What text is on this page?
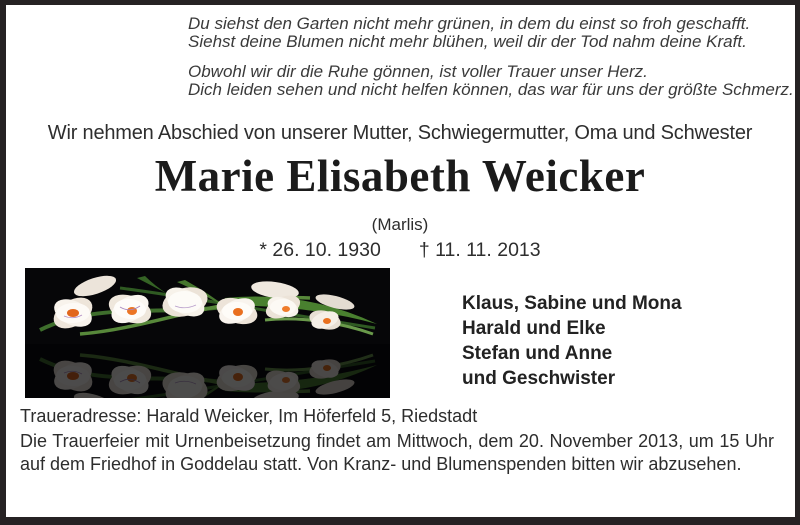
Du siehst den Garten nicht mehr grünen, in dem du einst so froh geschafft.
Siehst deine Blumen nicht mehr blühen, weil dir der Tod nahm deine Kraft.
Obwohl wir dir die Ruhe gönnen, ist voller Trauer unser Herz.
Dich leiden sehen und nicht helfen können, das war für uns der größte Schmerz.
Wir nehmen Abschied von unserer Mutter, Schwiegermutter, Oma und Schwester
Marie Elisabeth Weicker
(Marlis)
* 26. 10. 1930 † 11. 11. 2013
Klaus, Sabine und Mona
Harald und Elke
Stefan und Anne
und Geschwister
Traueradresse: Harald Weicker, Im Höferfeld 5, Riedstadt
Die Trauerfeier mit Urnenbeisetzung findet am Mittwoch, dem 20. November 2013, um 15 Uhr auf dem Friedhof in Goddelau statt. Von Kranz- und Blumenspenden bitten wir abzusehen.
